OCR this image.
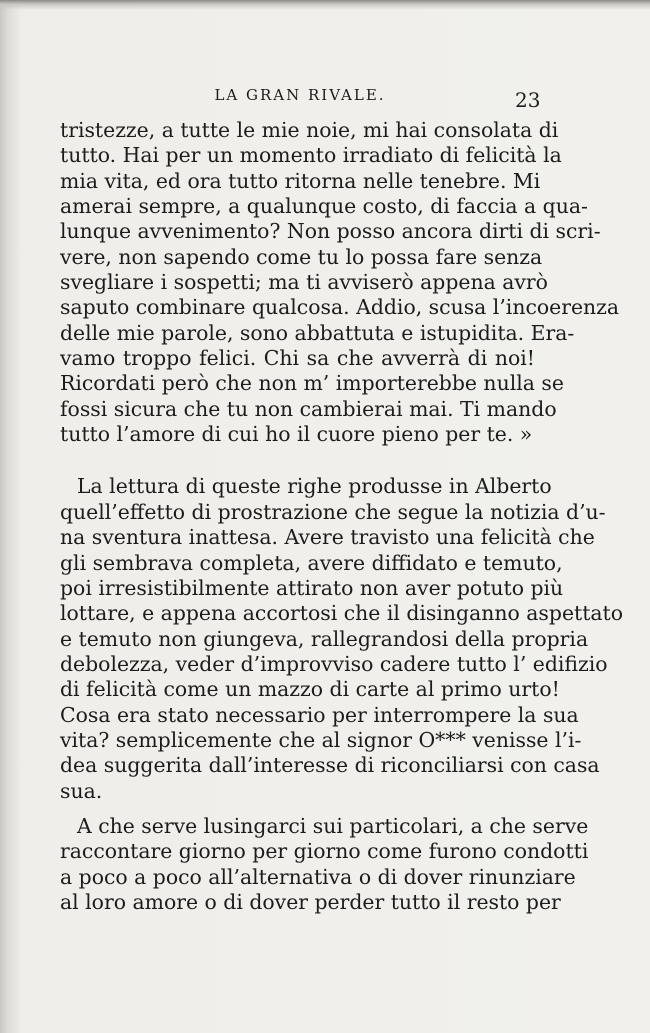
LA GRAN RIVALE.	23
tristezze, a tutte le mie noie, mi hai consolata di
tutto. Hai per un momento irradiato di felicità la
mia vita, ed ora tutto ritorna nelle tenebre. Mi
amerai sempre, a qualunque costo, di faccia a qua-
lunque avvenimento? Non posso ancora dirti di scri-
vere, non sapendo come tu lo possa fare senza
svegliare i sospetti; ma ti avviserò appena avrò
saputo combinare qualcosa. Addio, scusa l’incoerenza
delle mie parole, sono abbattuta e istupidita. Era-
vamo troppo felici. Chi sa che avverrà di noi!
Ricordati però che non m’ importerebbe nulla se
fossi sicura che tu non cambierai mai. Ti mando
tutto l’amore di cui ho il cuore pieno per te. »
La lettura di queste righe produsse in Alberto
quell’effetto di prostrazione che segue la notizia d’u-
na sventura inattesa. Avere travisto una felicità che
gli sembrava completa, avere diffidato e temuto,
poi irresistibilmente attirato non aver potuto più
lottare, e appena accortosi che il disinganno aspettato
e temuto non giungeva, rallegrandosi della propria
debolezza, veder d’improvviso cadere tutto l’ edifizio
di felicità come un mazzo di carte al primo urto!
Cosa era stato necessario per interrompere la sua
vita? semplicemente che al signor O*** venisse l’i-
dea suggerita dall’interesse di riconciliarsi con casa
sua.
A che serve lusingarci sui particolari, a che serve
raccontare giorno per giorno come furono condotti
a poco a poco all’alternativa o di dover rinunziare
al loro amore o di dover perder tutto il resto per
